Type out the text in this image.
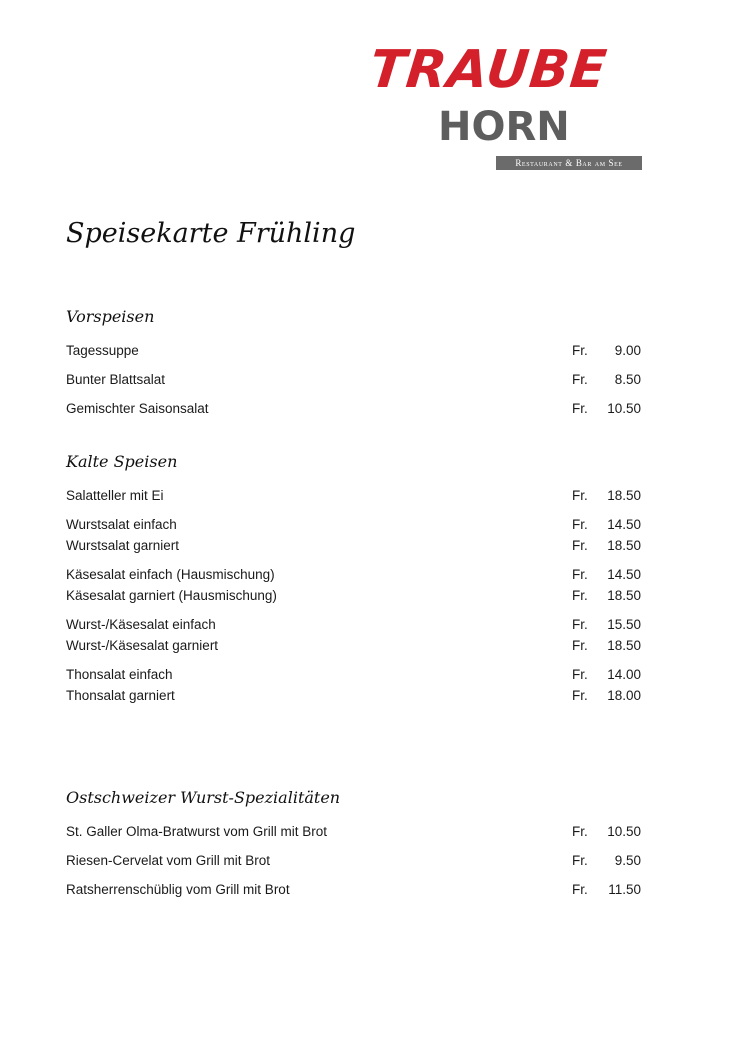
TRAUBE
HORN
Restaurant & Bar am See
Speisekarte Frühling
Vorspeisen
Tagessuppe	Fr. 9.00
Bunter Blattsalat	Fr. 8.50
Gemischter Saisonsalat	Fr. 10.50
Kalte Speisen
Salatteller mit Ei	Fr. 18.50
Wurstsalat einfach	Fr. 14.50
Wurstsalat garniert	Fr. 18.50
Käsesalat einfach (Hausmischung)	Fr. 14.50
Käsesalat garniert (Hausmischung)	Fr. 18.50
Wurst-/Käsesalat einfach	Fr. 15.50
Wurst-/Käsesalat garniert	Fr. 18.50
Thonsalat einfach	Fr. 14.00
Thonsalat garniert	Fr. 18.00
Ostschweizer Wurst-Spezialitäten
St. Galler Olma-Bratwurst vom Grill mit Brot	Fr. 10.50
Riesen-Cervelat vom Grill mit Brot	Fr. 9.50
Ratsherrenschüblig vom Grill mit Brot	Fr. 11.50
